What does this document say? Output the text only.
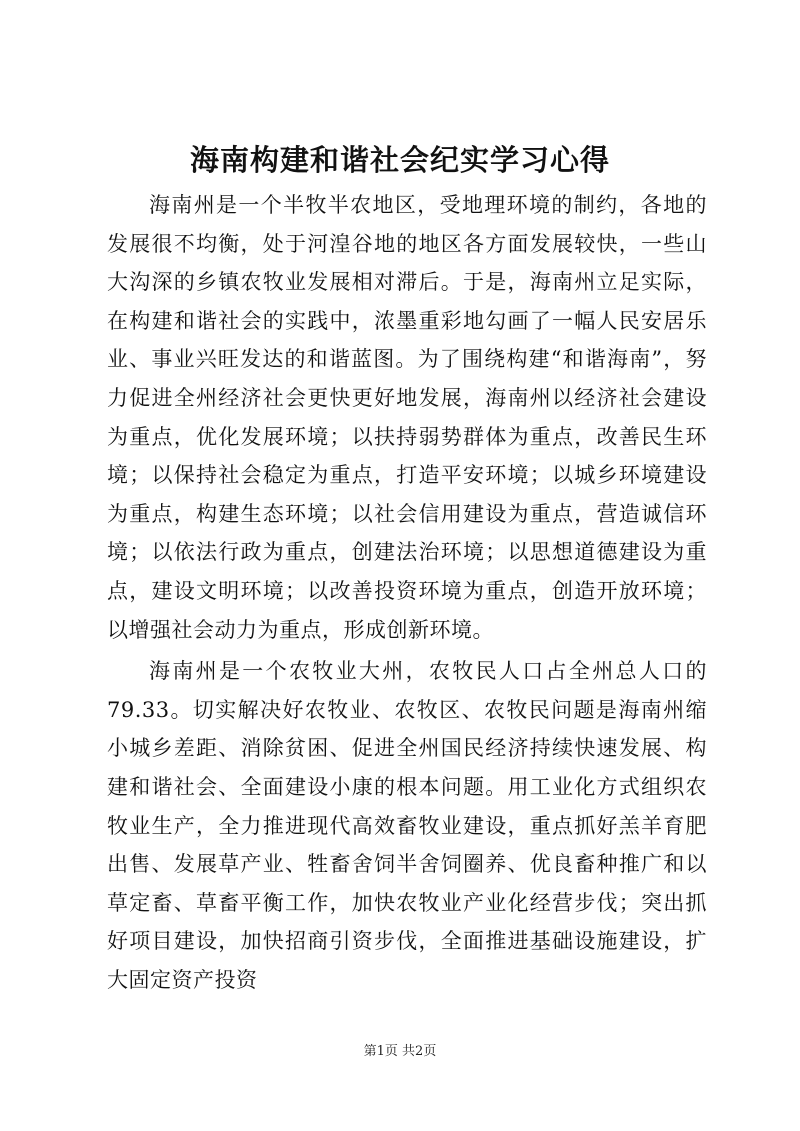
海南构建和谐社会纪实学习心得

海南州是一个半牧半农地区，受地理环境的制约，各地的发展很不均衡，处于河湟谷地的地区各方面发展较快，一些山大沟深的乡镇农牧业发展相对滞后。于是，海南州立足实际，在构建和谐社会的实践中，浓墨重彩地勾画了一幅人民安居乐业、事业兴旺发达的和谐蓝图。为了围绕构建“和谐海南”，努力促进全州经济社会更快更好地发展，海南州以经济社会建设为重点，优化发展环境；以扶持弱势群体为重点，改善民生环境；以保持社会稳定为重点，打造平安环境；以城乡环境建设为重点，构建生态环境；以社会信用建设为重点，营造诚信环境；以依法行政为重点，创建法治环境；以思想道德建设为重点，建设文明环境；以改善投资环境为重点，创造开放环境；以增强社会动力为重点，形成创新环境。

海南州是一个农牧业大州，农牧民人口占全州总人口的79.33。切实解决好农牧业、农牧区、农牧民问题是海南州缩小城乡差距、消除贫困、促进全州国民经济持续快速发展、构建和谐社会、全面建设小康的根本问题。用工业化方式组织农牧业生产，全力推进现代高效畜牧业建设，重点抓好羔羊育肥出售、发展草产业、牲畜舍饲半舍饲圈养、优良畜种推广和以草定畜、草畜平衡工作，加快农牧业产业化经营步伐；突出抓好项目建设，加快招商引资步伐，全面推进基础设施建设，扩大固定资产投资

第1页 共2页
